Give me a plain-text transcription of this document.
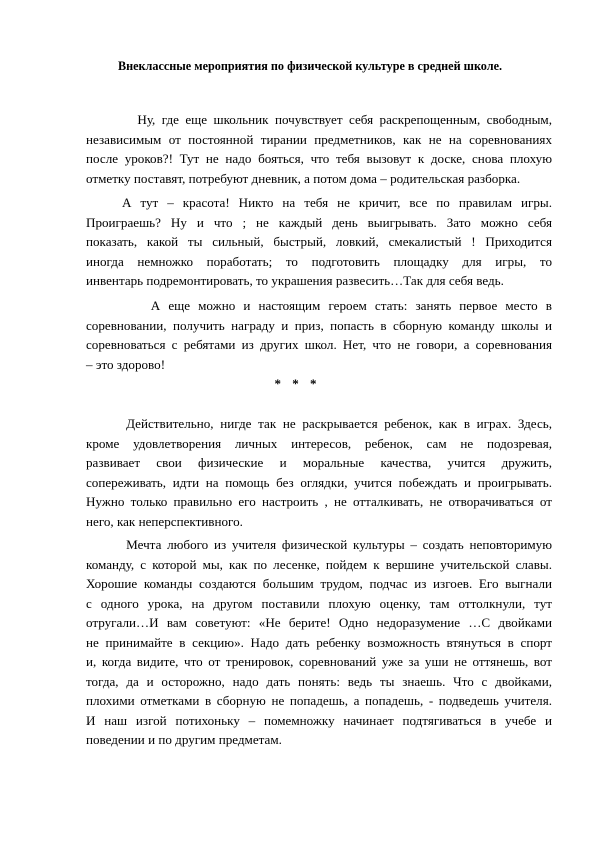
Внеклассные мероприятия по физической культуре в средней школе.
Ну, где еще школьник почувствует себя раскрепощенным, свободным,
независимым от постоянной тирании предметников, как не на соревнованиях
после уроков?! Тут не надо бояться, что тебя вызовут к доске, снова плохую
отметку поставят, потребуют дневник, а потом дома – родительская разборка.
А тут – красота! Никто на тебя не кричит, все по правилам игры.
Проиграешь? Ну и что ; не каждый день выигрывать. Зато можно себя
показать, какой ты сильный, быстрый, ловкий, смекалистый ! Приходится
иногда немножко поработать; то подготовить площадку для игры, то
инвентарь подремонтировать, то украшения развесить…Так для себя ведь.
А еще можно и настоящим героем стать: занять первое место в
соревновании, получить награду и приз, попасть в сборную команду школы и
соревноваться с ребятами из других школ. Нет, что не говори, а соревнования
– это здорово!
* * *
Действительно, нигде так не раскрывается ребенок, как в играх. Здесь,
кроме удовлетворения личных интересов, ребенок, сам не подозревая,
развивает свои физические и моральные качества, учится дружить,
сопереживать, идти на помощь без оглядки, учится побеждать и проигрывать.
Нужно только правильно его настроить , не отталкивать, не отворачиваться от
него, как неперспективного.
Мечта любого из учителя физической культуры – создать неповторимую
команду, с которой мы, как по лесенке, пойдем к вершине учительской славы.
Хорошие команды создаются большим трудом, подчас из изгоев. Его выгнали
с одного урока, на другом поставили плохую оценку, там оттолкнули, тут
отругали…И вам советуют: «Не берите! Одно недоразумение …С двойками
не принимайте в секцию». Надо дать ребенку возможность втянуться в спорт
и, когда видите, что от тренировок, соревнований уже за уши не оттянешь, вот
тогда, да и осторожно, надо дать понять: ведь ты знаешь. Что с двойками,
плохими отметками в сборную не попадешь, а попадешь, - подведешь учителя.
И наш изгой потихоньку – помемножку начинает подтягиваться в учебе и
поведении и по другим предметам.
